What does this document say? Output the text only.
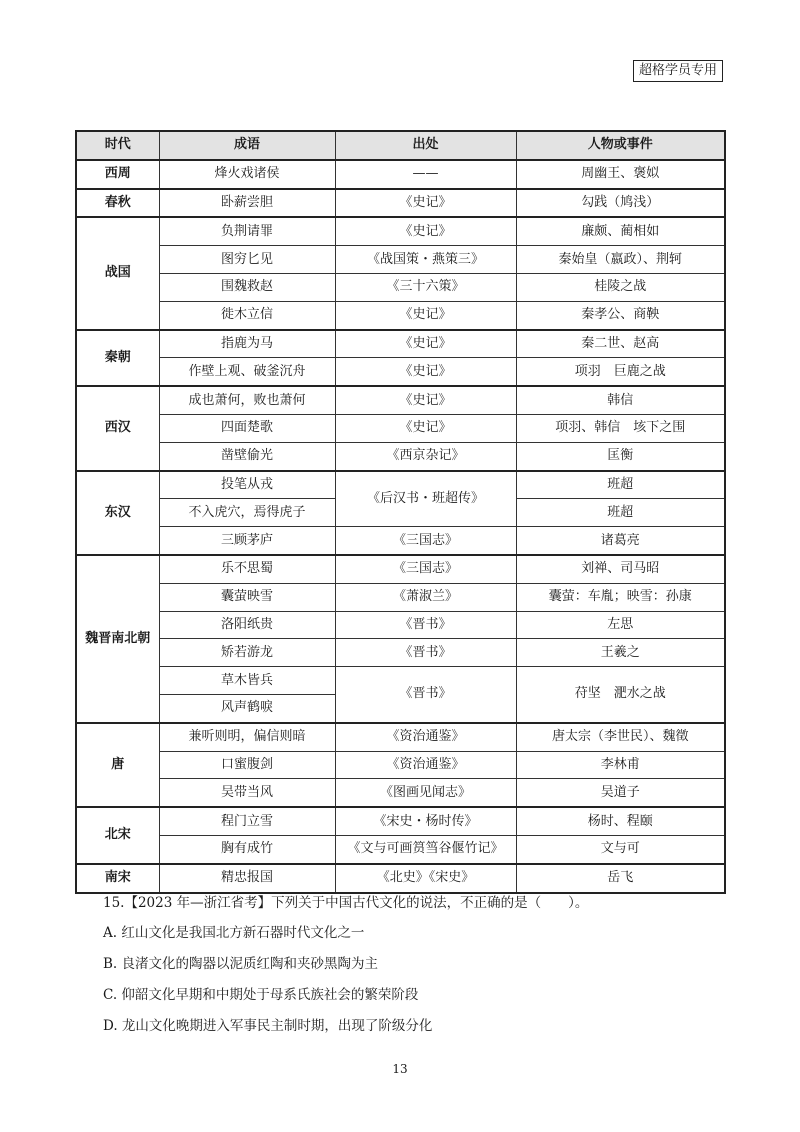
超格学员专用
时代	成语	出处	人物或事件
西周	烽火戏诸侯	——	周幽王、褒姒
春秋	卧薪尝胆	《史记》	勾践（鸠浅）
战国	负荆请罪	《史记》	廉颇、蔺相如
	图穷匕见	《战国策・燕策三》	秦始皇（嬴政）、荆轲
	围魏救赵	《三十六策》	桂陵之战
	徙木立信	《史记》	秦孝公、商鞅
秦朝	指鹿为马	《史记》	秦二世、赵高
	作壁上观、破釜沉舟	《史记》	项羽　巨鹿之战
西汉	成也萧何，败也萧何	《史记》	韩信
	四面楚歌	《史记》	项羽、韩信　垓下之围
	凿壁偷光	《西京杂记》	匡衡
东汉	投笔从戎	《后汉书・班超传》	班超
	不入虎穴，焉得虎子		班超
	三顾茅庐	《三国志》	诸葛亮
魏晋南北朝	乐不思蜀	《三国志》	刘禅、司马昭
	囊萤映雪	《萧淑兰》	囊萤：车胤；映雪：孙康
	洛阳纸贵	《晋书》	左思
	矫若游龙	《晋书》	王羲之
	草木皆兵	《晋书》	苻坚　淝水之战
	风声鹤唳		
唐	兼听则明，偏信则暗	《资治通鉴》	唐太宗（李世民）、魏徵
	口蜜腹剑	《资治通鉴》	李林甫
	吴带当风	《图画见闻志》	吴道子
北宋	程门立雪	《宋史・杨时传》	杨时、程颐
	胸有成竹	《文与可画筼筜谷偃竹记》	文与可
南宋	精忠报国	《北史》《宋史》	岳飞
15.【2023 年—浙江省考】下列关于中国古代文化的说法，不正确的是（　　）。
A. 红山文化是我国北方新石器时代文化之一
B. 良渚文化的陶器以泥质红陶和夹砂黑陶为主
C. 仰韶文化早期和中期处于母系氏族社会的繁荣阶段
D. 龙山文化晚期进入军事民主制时期，出现了阶级分化
13
